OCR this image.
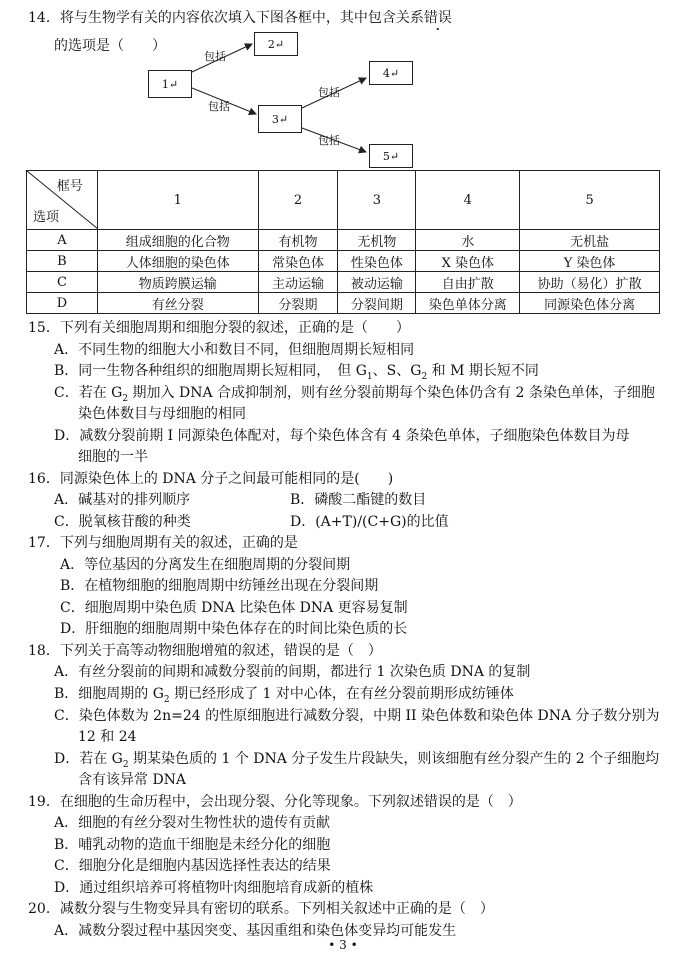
14．将与生物学有关的内容依次填入下图各框中，其中包含关系错误
的选项是（　　）
1↵
2↵
3↵
4↵
5↵
包括
包括
包括
包括
框号
选项	1	2	3	4	5
A	组成细胞的化合物	有机物	无机物	水	无机盐
B	人体细胞的染色体	常染色体	性染色体	X 染色体	Y 染色体
C	物质跨膜运输	主动运输	被动运输	自由扩散	协助（易化）扩散
D	有丝分裂	分裂期	分裂间期	染色单体分离	同源染色体分离
15．下列有关细胞周期和细胞分裂的叙述，正确的是（　　）
A．不同生物的细胞大小和数目不同，但细胞周期长短相同
B．同一生物各种组织的细胞周期长短相同，　但 $G_1$、S、$G_2$ 和 M 期长短不同
C．若在 $G_2$ 期加入 DNA 合成抑制剂，则有丝分裂前期每个染色体仍含有 2 条染色单体，子细胞
染色体数目与母细胞的相同
D．减数分裂前期 I 同源染色体配对，每个染色体含有 4 条染色单体，子细胞染色体数目为母
细胞的一半
16．同源染色体上的 DNA 分子之间最可能相同的是(　　)
A．碱基对的排列顺序	B．磷酸二酯键的数目
C．脱氧核苷酸的种类	D．(A+T)/(C+G)的比值
17．下列与细胞周期有关的叙述，正确的是
A．等位基因的分离发生在细胞周期的分裂间期
B．在植物细胞的细胞周期中纺锤丝出现在分裂间期
C．细胞周期中染色质 DNA 比染色体 DNA 更容易复制
D．肝细胞的细胞周期中染色体存在的时间比染色质的长
18．下列关于高等动物细胞增殖的叙述，错误的是（　）
A．有丝分裂前的间期和减数分裂前的间期，都进行 1 次染色质 DNA 的复制
B．细胞周期的 $G_2$ 期已经形成了 1 对中心体，在有丝分裂前期形成纺锤体
C．染色体数为 2n=24 的性原细胞进行减数分裂，中期 II 染色体数和染色体 DNA 分子数分别为
12 和 24
D．若在 $G_2$ 期某染色质的 1 个 DNA 分子发生片段缺失，则该细胞有丝分裂产生的 2 个子细胞均
含有该异常 DNA
19．在细胞的生命历程中，会出现分裂、分化等现象。下列叙述错误的是（　）
A．细胞的有丝分裂对生物性状的遗传有贡献
B．哺乳动物的造血干细胞是未经分化的细胞
C．细胞分化是细胞内基因选择性表达的结果
D．通过组织培养可将植物叶肉细胞培育成新的植株
20．减数分裂与生物变异具有密切的联系。下列相关叙述中正确的是（　）
A．减数分裂过程中基因突变、基因重组和染色体变异均可能发生
• 3 •
